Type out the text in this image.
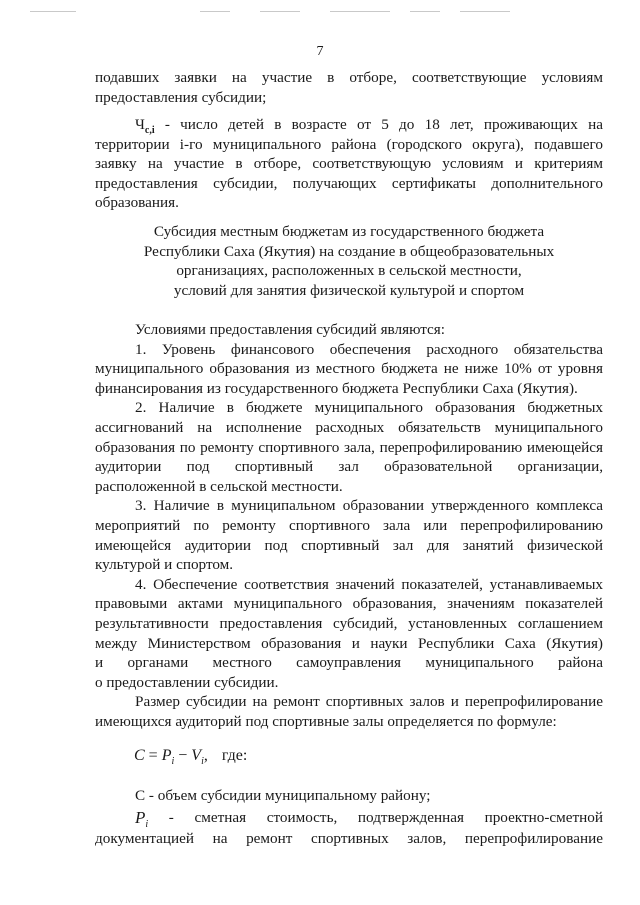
7

подавших заявки на участие в отборе, соответствующие условиям

предоставления субсидии;

$Ч_{с,i}$ - число детей в возрасте от 5 до 18 лет, проживающих на

территории i-го муниципального района (городского округа), подавшего

заявку на участие в отборе, соответствующую условиям и критериям

предоставления субсидии, получающих сертификаты дополнительного

образования.

Субсидия местным бюджетам из государственного бюджета
Республики Саха (Якутия) на создание в общеобразовательных
организациях, расположенных в сельской местности,
условий для занятия физической культурой и спортом

Условиями предоставления субсидий являются:

1. Уровень финансового обеспечения расходного обязательства

муниципального образования из местного бюджета не ниже 10% от уровня

финансирования из государственного бюджета Республики Саха (Якутия).

2. Наличие в бюджете муниципального образования бюджетных

ассигнований на исполнение расходных обязательств муниципального

образования по ремонту спортивного зала, перепрофилированию имеющейся

аудитории под спортивный зал образовательной организации,

расположенной в сельской местности.

3. Наличие в муниципальном образовании утвержденного комплекса

мероприятий по ремонту спортивного зала или перепрофилированию

имеющейся аудитории под спортивный зал для занятий физической

культурой и спортом.

4. Обеспечение соответствия значений показателей, устанавливаемых

правовыми актами муниципального образования, значениям показателей

результативности предоставления субсидий, установленных соглашением

между Министерством образования и науки Республики Саха (Якутия)

и органами местного самоуправления муниципального района

о предоставлении субсидии.

Размер субсидии на ремонт спортивных залов и перепрофилирование

имеющихся аудиторий под спортивные залы определяется по формуле:

$C = P_i - V_i$, где:

С - объем субсидии муниципальному району;

$P_i$ - сметная стоимость, подтвержденная проектно-сметной
документацией на ремонт спортивных залов, перепрофилирование
